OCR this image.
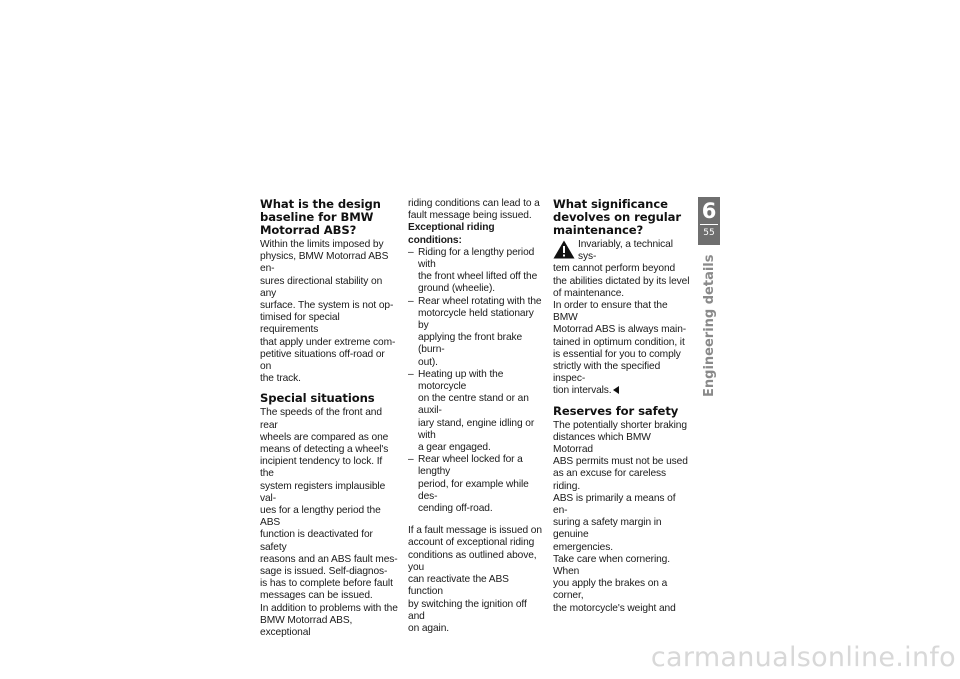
What is the design
baseline for BMW
Motorrad ABS?

Within the limits imposed by
physics, BMW Motorrad ABS en-
sures directional stability on any
surface. The system is not op-
timised for special requirements
that apply under extreme com-
petitive situations off-road or on
the track.

Special situations

The speeds of the front and rear
wheels are compared as one
means of detecting a wheel's
incipient tendency to lock. If the
system registers implausible val-
ues for a lengthy period the ABS
function is deactivated for safety
reasons and an ABS fault mes-
sage is issued. Self-diagnos-
is has to complete before fault
messages can be issued.
In addition to problems with the
BMW Motorrad ABS, exceptional

riding conditions can lead to a
fault message being issued.

Exceptional riding
conditions:
– Riding for a lengthy period with
the front wheel lifted off the
ground (wheelie).
– Rear wheel rotating with the
motorcycle held stationary by
applying the front brake (burn-
out).
– Heating up with the motorcycle
on the centre stand or an auxil-
iary stand, engine idling or with
a gear engaged.
– Rear wheel locked for a lengthy
period, for example while des-
cending off-road.

If a fault message is issued on
account of exceptional riding
conditions as outlined above, you
can reactivate the ABS function
by switching the ignition off and
on again.

What significance
devolves on regular
maintenance?

Invariably, a technical sys-
tem cannot perform beyond
the abilities dictated by its level
of maintenance.
In order to ensure that the BMW
Motorrad ABS is always main-
tained in optimum condition, it
is essential for you to comply
strictly with the specified inspec-
tion intervals.

Reserves for safety

The potentially shorter braking
distances which BMW Motorrad
ABS permits must not be used
as an excuse for careless riding.
ABS is primarily a means of en-
suring a safety margin in genuine
emergencies.
Take care when cornering. When
you apply the brakes on a corner,
the motorcycle's weight and

6
55
Engineering details
carmanualsonline.info
